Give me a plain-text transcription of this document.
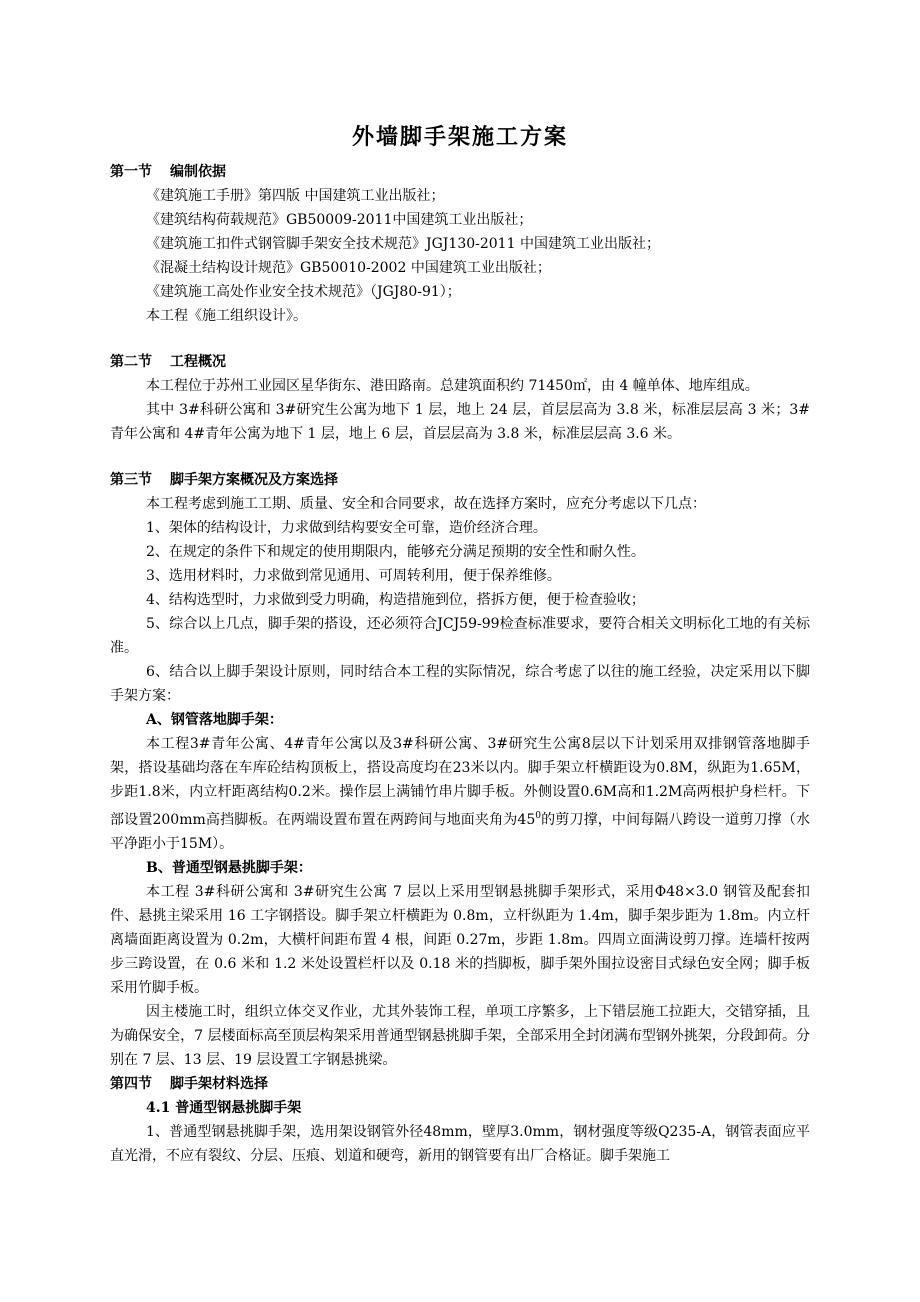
外墙脚手架施工方案

第一节 编制依据

《建筑施工手册》第四版 中国建筑工业出版社；

《建筑结构荷载规范》GB50009-2011中国建筑工业出版社；

《建筑施工扣件式钢管脚手架安全技术规范》JGJ130-2011 中国建筑工业出版社；

《混凝土结构设计规范》GB50010-2002 中国建筑工业出版社；

《建筑施工高处作业安全技术规范》（JGJ80-91）；

本工程《施工组织设计》。

第二节 工程概况

本工程位于苏州工业园区星华街东、港田路南。总建筑面积约 71450㎡，由 4 幢单体、地库组成。

其中 3#科研公寓和 3#研究生公寓为地下 1 层，地上 24 层，首层层高为 3.8 米，标准层层高 3 米；3#青年公寓和 4#青年公寓为地下 1 层，地上 6 层，首层层高为 3.8 米，标准层层高 3.6 米。

第三节 脚手架方案概况及方案选择

本工程考虑到施工工期、质量、安全和合同要求，故在选择方案时，应充分考虑以下几点：

1、架体的结构设计，力求做到结构要安全可靠，造价经济合理。

2、在规定的条件下和规定的使用期限内，能够充分满足预期的安全性和耐久性。

3、选用材料时，力求做到常见通用、可周转利用，便于保养维修。

4、结构选型时，力求做到受力明确，构造措施到位，搭拆方便，便于检查验收；

5、综合以上几点，脚手架的搭设，还必须符合JCJ59-99检查标准要求，要符合相关文明标化工地的有关标准。

6、结合以上脚手架设计原则，同时结合本工程的实际情况，综合考虑了以往的施工经验，决定采用以下脚手架方案：

A、钢管落地脚手架：

本工程3#青年公寓、4#青年公寓以及3#科研公寓、3#研究生公寓8层以下计划采用双排钢管落地脚手架，搭设基础均落在车库砼结构顶板上，搭设高度均在23米以内。脚手架立杆横距设为0.8M，纵距为1.65M，步距1.8米，内立杆距离结构0.2米。操作层上满铺竹串片脚手板。外侧设置0.6M高和1.2M高两根护身栏杆。下部设置200mm高挡脚板。在两端设置布置在两跨间与地面夹角为$45^0$的剪刀撑，中间每隔八跨设一道剪刀撑（水平净距小于15M）。

B、普通型钢悬挑脚手架：

本工程 3#科研公寓和 3#研究生公寓 7 层以上采用型钢悬挑脚手架形式，采用Φ48×3.0 钢管及配套扣件、悬挑主梁采用 16 工字钢搭设。脚手架立杆横距为 0.8m，立杆纵距为 1.4m，脚手架步距为 1.8m。内立杆离墙面距离设置为 0.2m，大横杆间距布置 4 根，间距 0.27m，步距 1.8m。四周立面满设剪刀撑。连墙杆按两步三跨设置，在 0.6 米和 1.2 米处设置栏杆以及 0.18 米的挡脚板，脚手架外围拉设密目式绿色安全网；脚手板采用竹脚手板。

因主楼施工时，组织立体交叉作业，尤其外装饰工程，单项工序繁多，上下错层施工拉距大，交错穿插，且为确保安全，7 层楼面标高至顶层构架采用普通型钢悬挑脚手架，全部采用全封闭满布型钢外挑架，分段卸荷。分别在 7 层、13 层、19 层设置工字钢悬挑梁。

第四节 脚手架材料选择

4.1 普通型钢悬挑脚手架

1、普通型钢悬挑脚手架，选用架设钢管外径48mm，壁厚3.0mm，钢材强度等级Q235-A，钢管表面应平直光滑，不应有裂纹、分层、压痕、划道和硬弯，新用的钢管要有出厂合格证。脚手架施工
